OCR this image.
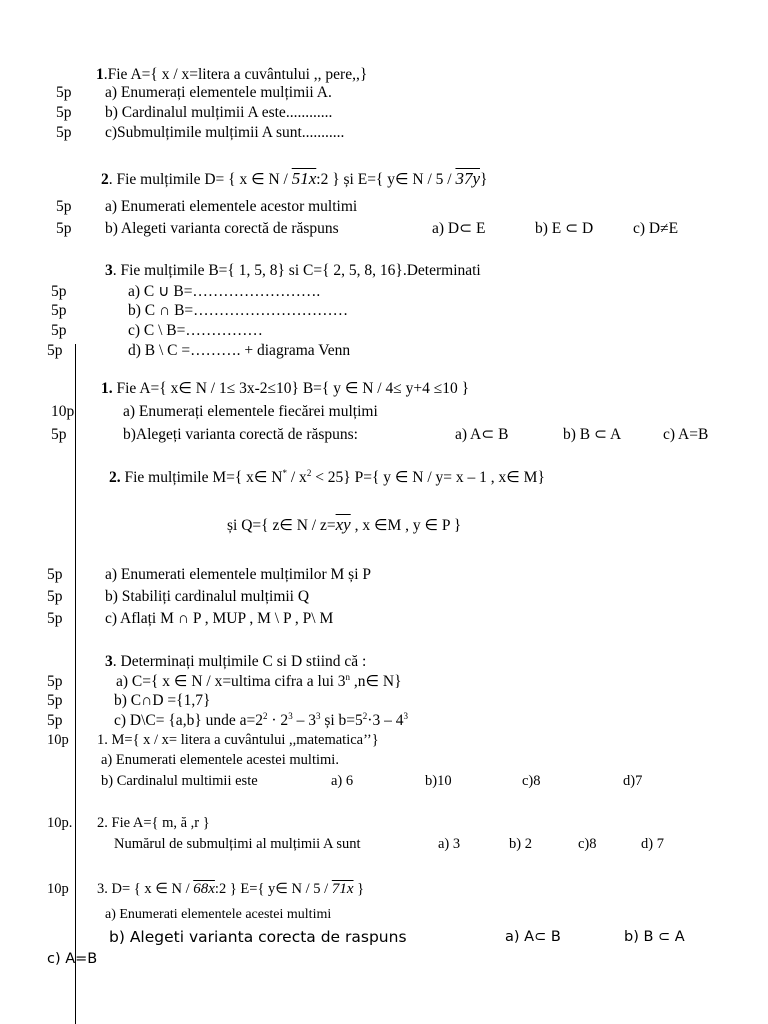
1.Fie A={ x / x=litera a cuvântului ,, pere,,}
5p a) Enumerați elementele mulțimii A.
5p b) Cardinalul mulțimii A este............
5p c)Submulțimile mulțimii A sunt...........
2. Fie mulțimile D= { x ∈ N / 51x:2 } și E={ y∈ N / 5 / 37y}
5p a) Enumerati elementele acestor multimi
5p b) Alegeti varianta corectă de răspuns	a) D⊂ E	b) E ⊂ D	c) D≠E
3. Fie mulțimile B={ 1, 5, 8} si C={ 2, 5, 8, 16}.Determinati
5p	a) C ∪ B=…………………….
5p	b) C ∩ B=…………………………
5p	c) C \ B=……………
5p	d) B \ C =………. + diagrama Venn
1. Fie A={ x∈ N / 1≤ 3x-2≤10} B={ y ∈ N / 4≤ y+4 ≤10 }
10p	a) Enumerați elementele fiecărei mulțimi
5p	b)Alegeți varianta corectă de răspuns:	a) A⊂ B	b) B ⊂ A	c) A=B
2. Fie mulțimile M={ x∈ $N^* / x^2 < 25$} P={ y ∈ N / y= x – 1 , x∈ M}
și Q={ z∈ $N / z=\overline{xy}$ , x ∈M , y ∈ P }
5p	a) Enumerati elementele mulțimilor M și P
5p	b) Stabiliți cardinalul mulțimii Q
5p	c) Aflați M ∩ P , MUP , M \ P , P\ M
3. Determinați mulțimile C si D stiind că :
5p	a) C={ x ∈ N / x=ultima cifra a lui 3$^n$ ,n∈ N}
5p	b) C∩D ={1,7}
5p	c) D\C= {a,b} unde $a=2^2 \cdot 2^3 - 3^3$ și $b=5^2\cdot 3 - 4^3$
10p 1. M={ x / x= litera a cuvântului ,,matematica’’}
a) Enumerati elementele acestei multimi.
b) Cardinalul multimii este	a) 6	b)10	c)8	d)7
10p. 2. Fie A={ m, ă ,r }
Numărul de submulțimi al mulțimii A sunt	a) 3	b) 2	c)8	d) 7
10p 3. D= { x ∈ N / 68x:2 } E={ y∈ N / 5 / 71x }
a) Enumerati elementele acestei multimi
b) Alegeti varianta corecta de raspuns	a) A⊂ B	b) B ⊂ A
c) A=B
